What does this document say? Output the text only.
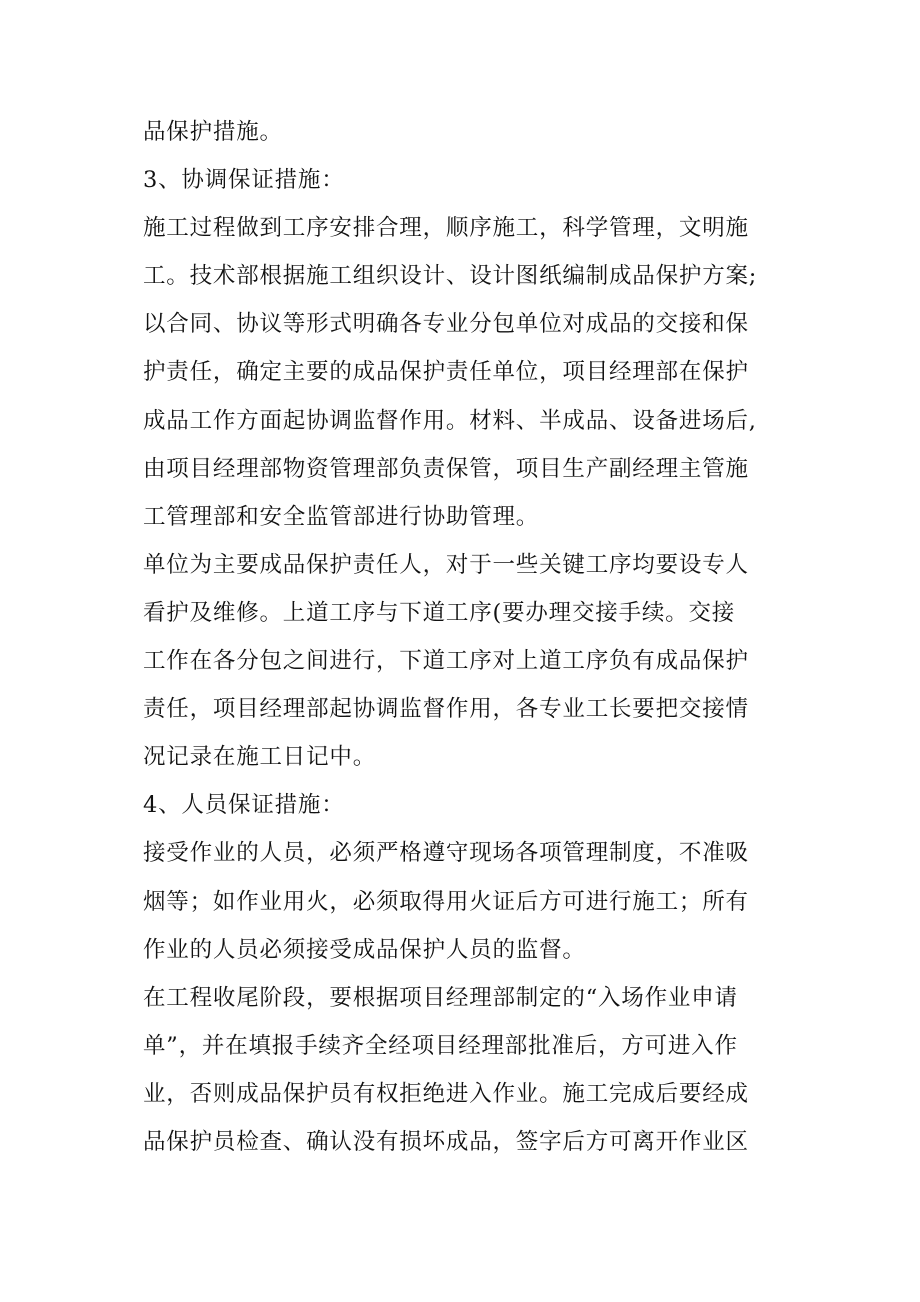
品保护措施。

3、协调保证措施：

施工过程做到工序安排合理，顺序施工，科学管理，文明施

工。技术部根据施工组织设计、设计图纸编制成品保护方案;

以合同、协议等形式明确各专业分包单位对成品的交接和保

护责任，确定主要的成品保护责任单位，项目经理部在保护

成品工作方面起协调监督作用。材料、半成品、设备进场后,

由项目经理部物资管理部负责保管，项目生产副经理主管施

工管理部和安全监管部进行协助管理。

单位为主要成品保护责任人，对于一些关键工序均要设专人

看护及维修。上道工序与下道工序(要办理交接手续。交接

工作在各分包之间进行，下道工序对上道工序负有成品保护

责任，项目经理部起协调监督作用，各专业工长要把交接情

况记录在施工日记中。

4、人员保证措施：

接受作业的人员，必须严格遵守现场各项管理制度，不准吸

烟等；如作业用火，必须取得用火证后方可进行施工；所有

作业的人员必须接受成品保护人员的监督。

在工程收尾阶段，要根据项目经理部制定的“入场作业申请

单”，并在填报手续齐全经项目经理部批准后，方可进入作

业，否则成品保护员有权拒绝进入作业。施工完成后要经成

品保护员检查、确认没有损坏成品，签字后方可离开作业区
